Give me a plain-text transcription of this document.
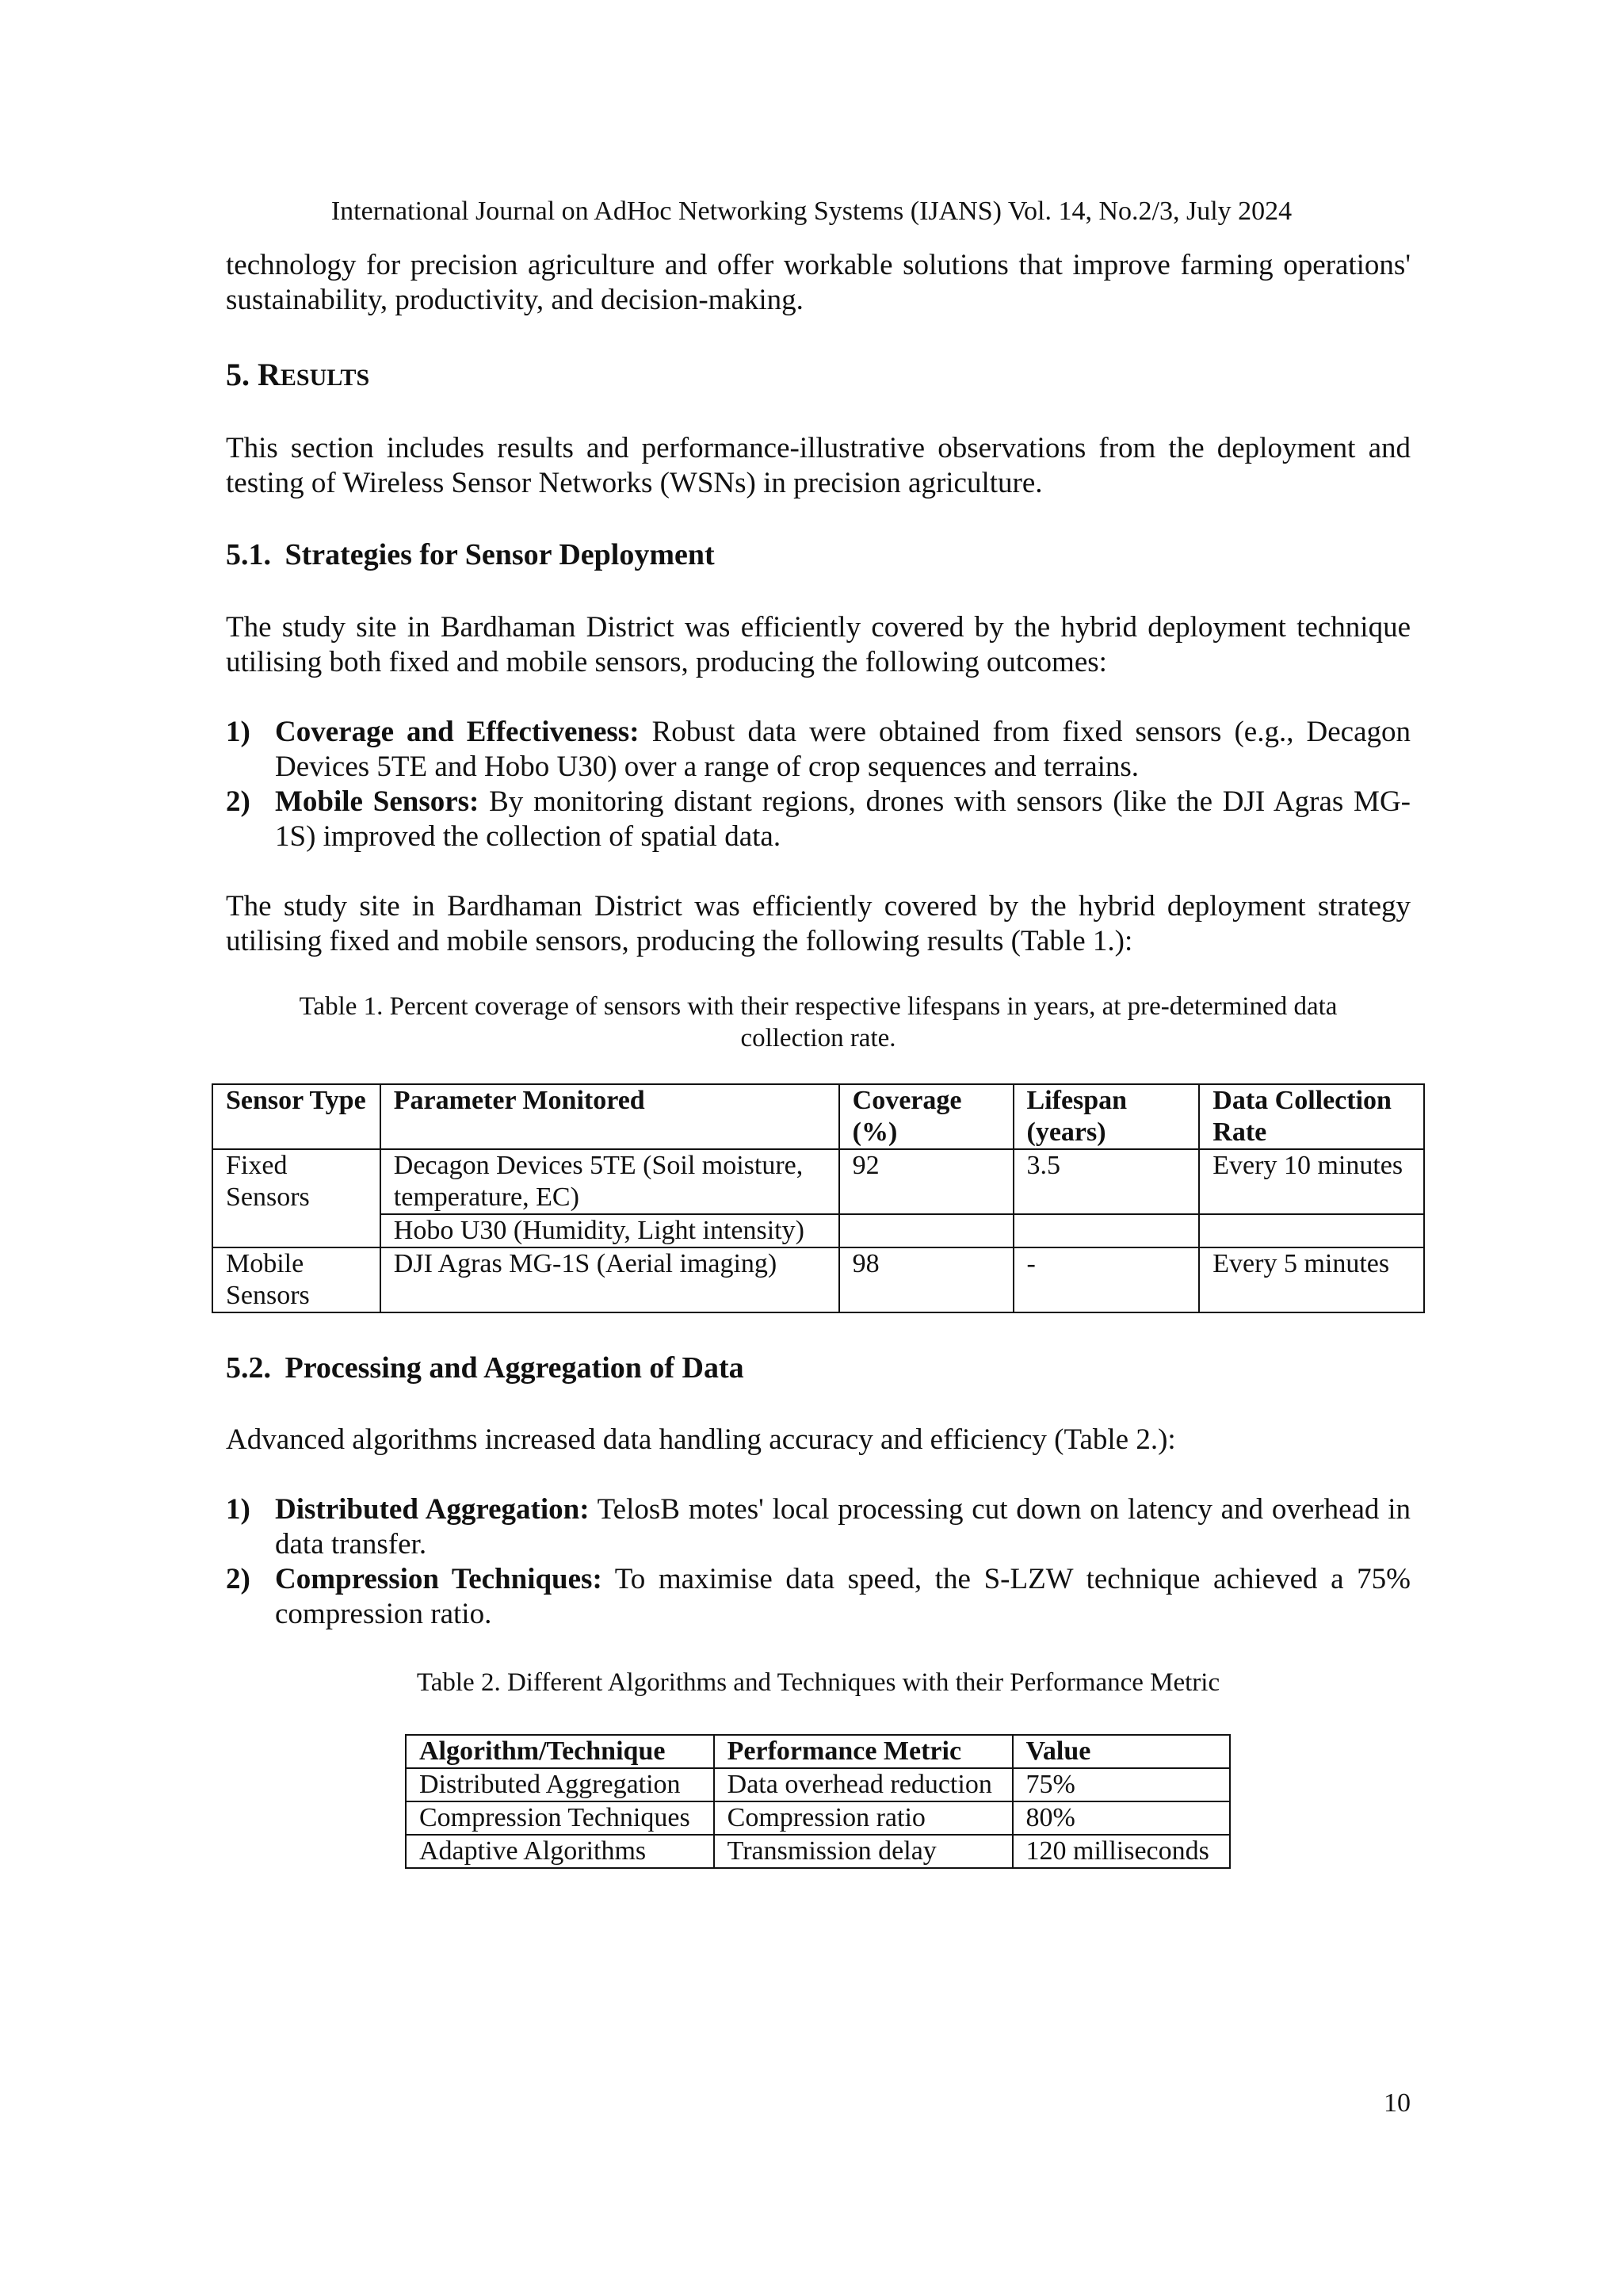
International Journal on AdHoc Networking Systems (IJANS) Vol. 14, No.2/3, July 2024

technology for precision agriculture and offer workable solutions that improve farming operations' sustainability, productivity, and decision-making.

5. RESULTS

This section includes results and performance-illustrative observations from the deployment and testing of Wireless Sensor Networks (WSNs) in precision agriculture.

5.1. Strategies for Sensor Deployment

The study site in Bardhaman District was efficiently covered by the hybrid deployment technique utilising both fixed and mobile sensors, producing the following outcomes:

1) Coverage and Effectiveness: Robust data were obtained from fixed sensors (e.g., Decagon Devices 5TE and Hobo U30) over a range of crop sequences and terrains.
2) Mobile Sensors: By monitoring distant regions, drones with sensors (like the DJI Agras MG-1S) improved the collection of spatial data.

The study site in Bardhaman District was efficiently covered by the hybrid deployment strategy utilising fixed and mobile sensors, producing the following results (Table 1.):

Table 1. Percent coverage of sensors with their respective lifespans in years, at pre-determined data
collection rate.
Sensor Type	Parameter Monitored	Coverage (%)	Lifespan (years)	Data Collection Rate
Fixed Sensors	Decagon Devices 5TE (Soil moisture, temperature, EC)	92	3.5	Every 10 minutes
	Hobo U30 (Humidity, Light intensity)			
Mobile Sensors	DJI Agras MG-1S (Aerial imaging)	98	-	Every 5 minutes
5.2. Processing and Aggregation of Data

Advanced algorithms increased data handling accuracy and efficiency (Table 2.):

1) Distributed Aggregation: TelosB motes' local processing cut down on latency and overhead in data transfer.
2) Compression Techniques: To maximise data speed, the S-LZW technique achieved a 75% compression ratio.
Table 2. Different Algorithms and Techniques with their Performance Metric
Algorithm/Technique	Performance Metric	Value
Distributed Aggregation	Data overhead reduction	75%
Compression Techniques	Compression ratio	80%
Adaptive Algorithms	Transmission delay	120 milliseconds
10
